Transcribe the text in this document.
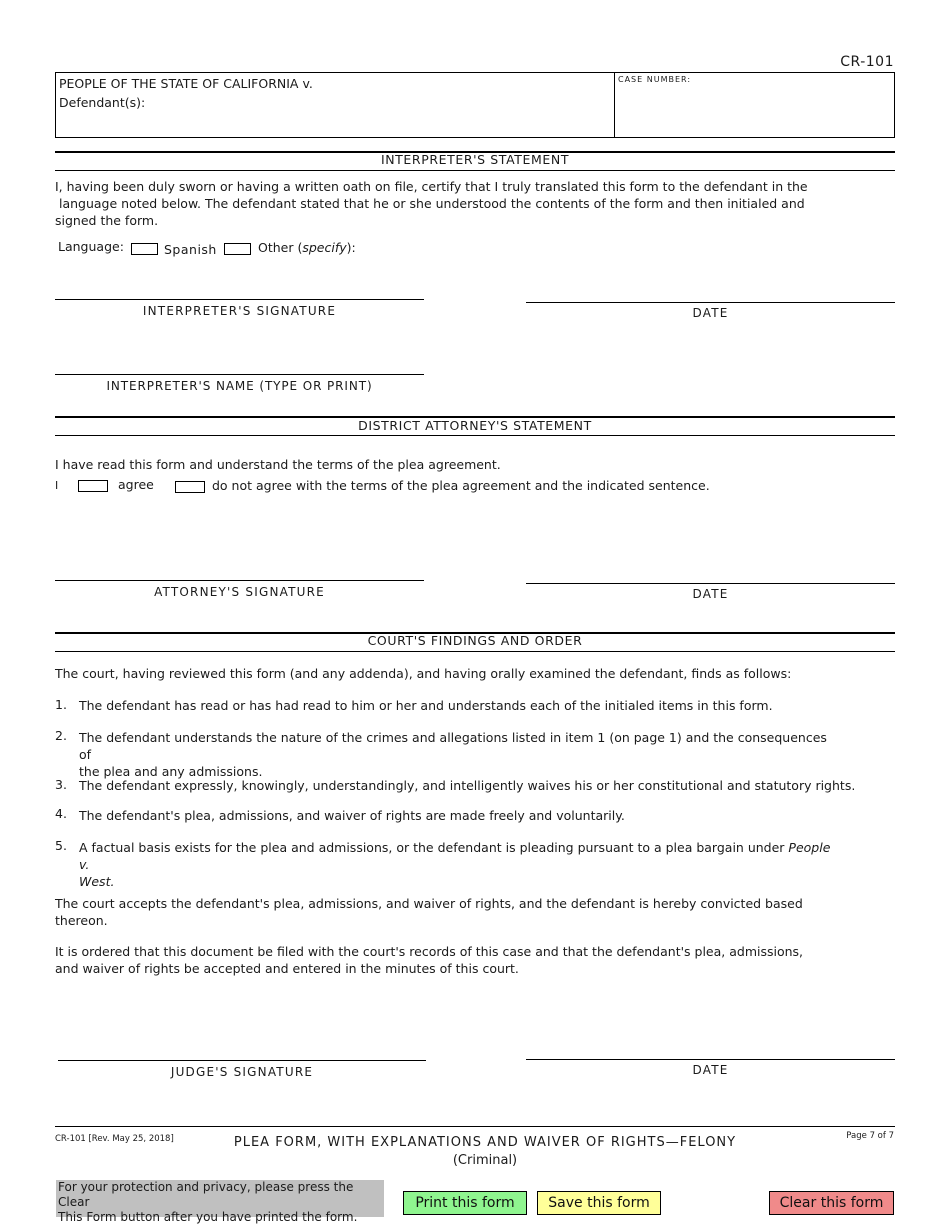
CR-101
PEOPLE OF THE STATE OF CALIFORNIA v.
Defendant(s):
CASE NUMBER:
INTERPRETER'S STATEMENT
I, having been duly sworn or having a written oath on file, certify that I truly translated this form to the defendant in the
language noted below. The defendant stated that he or she understood the contents of the form and then initialed and
signed the form.
Language:	Spanish	Other (specify):
INTERPRETER'S SIGNATURE	DATE
INTERPRETER'S NAME (TYPE OR PRINT)
DISTRICT ATTORNEY'S STATEMENT
I have read this form and understand the terms of the plea agreement.
I	agree	do not agree with the terms of the plea agreement and the indicated sentence.
ATTORNEY'S SIGNATURE	DATE
COURT'S FINDINGS AND ORDER
The court, having reviewed this form (and any addenda), and having orally examined the defendant, finds as follows:
1. The defendant has read or has had read to him or her and understands each of the initialed items in this form.
2. The defendant understands the nature of the crimes and allegations listed in item 1 (on page 1) and the consequences of
the plea and any admissions.
3. The defendant expressly, knowingly, understandingly, and intelligently waives his or her constitutional and statutory rights.
4. The defendant's plea, admissions, and waiver of rights are made freely and voluntarily.
5. A factual basis exists for the plea and admissions, or the defendant is pleading pursuant to a plea bargain under People v.
West.
The court accepts the defendant's plea, admissions, and waiver of rights, and the defendant is hereby convicted based
thereon.
It is ordered that this document be filed with the court's records of this case and that the defendant's plea, admissions,
and waiver of rights be accepted and entered in the minutes of this court.
JUDGE'S SIGNATURE	DATE
CR-101 [Rev. May 25, 2018]	PLEA FORM, WITH EXPLANATIONS AND WAIVER OF RIGHTS—FELONY
(Criminal)
Page 7 of 7
For your protection and privacy, please press the Clear
This Form button after you have printed the form.
Print this form	Save this form	Clear this form
